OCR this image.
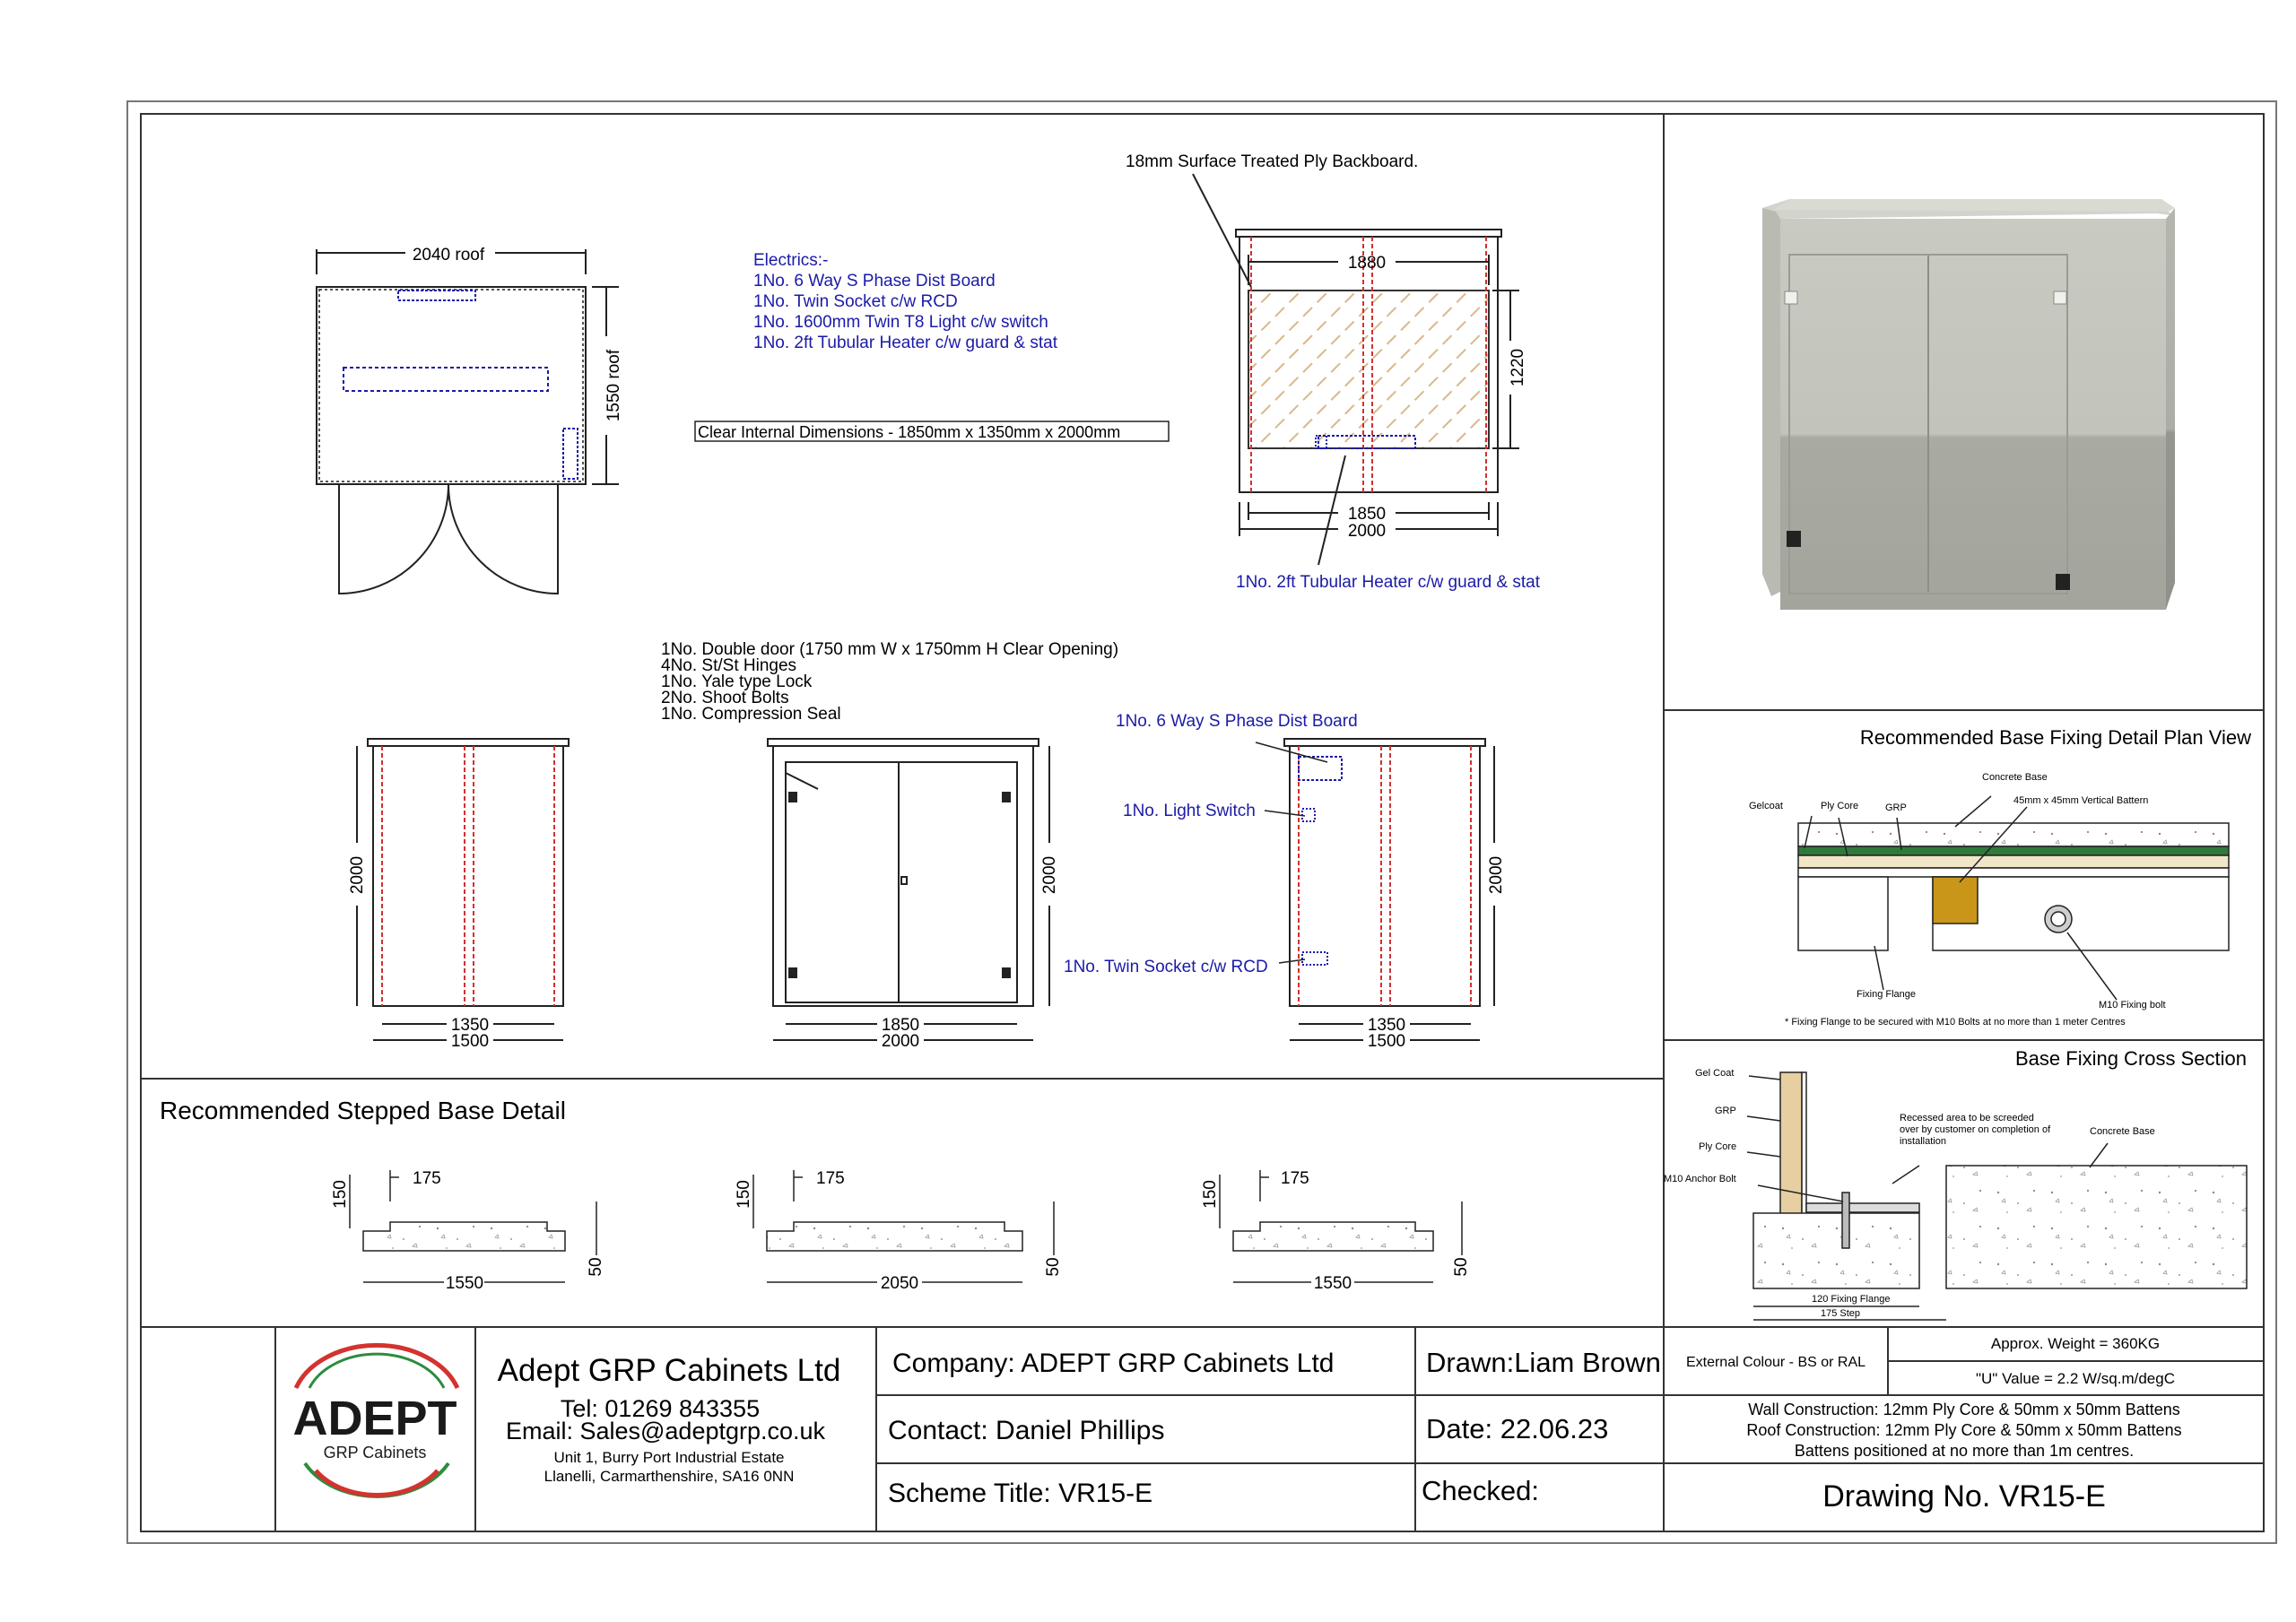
2040 roof
1550 roof
Electrics:-
1No. 6 Way S Phase Dist Board
1No. Twin Socket c/w RCD
1No. 1600mm Twin T8 Light c/w switch
1No. 2ft Tubular Heater c/w guard & stat
Clear Internal Dimensions - 1850mm x 1350mm x 2000mm
18mm Surface Treated Ply Backboard.
1880
1220
1850
2000
1No. 2ft Tubular Heater c/w guard & stat
1No. Double door (1750 mm W x 1750mm H Clear Opening)
4No. St/St Hinges
1No. Yale type Lock
2No. Shoot Bolts
1No. Compression Seal
2000
1350
1500
2000
1850
2000
1No. 6 Way S Phase Dist Board
1No. Light Switch
1No. Twin Socket c/w RCD
2000
1350
1500
Recommended Base Fixing Detail Plan View
Concrete Base
45mm x 45mm Vertical Battern
Gelcoat	Ply Core	GRP
Fixing Flange
M10 Fixing bolt
* Fixing Flange to be secured with M10 Bolts at no more than 1 meter Centres
Base Fixing Cross Section
Gel Coat
GRP
Ply Core
M10 Anchor Bolt
Recessed area to be screeded
over by customer on completion of
installation
Concrete Base
120 Fixing Flange
175 Step
Recommended Stepped Base Detail
150
175
50
1550
150
175
50
2050
150
175
50
1550
ADEPT
GRP Cabinets
Adept GRP Cabinets Ltd
Tel: 01269 843355
Email: Sales@adeptgrp.co.uk
Unit 1, Burry Port Industrial Estate
Llanelli, Carmarthenshire, SA16 0NN
Company: ADEPT GRP Cabinets Ltd
Contact: Daniel Phillips
Scheme Title: VR15-E
Drawn:Liam Brown
Date: 22.06.23
Checked:
External Colour - BS or RAL
Approx. Weight = 360KG
"U" Value = 2.2 W/sq.m/degC
Wall Construction: 12mm Ply Core & 50mm x 50mm Battens
Roof Construction: 12mm Ply Core & 50mm x 50mm Battens
Battens positioned at no more than 1m centres.
Drawing No. VR15-E
